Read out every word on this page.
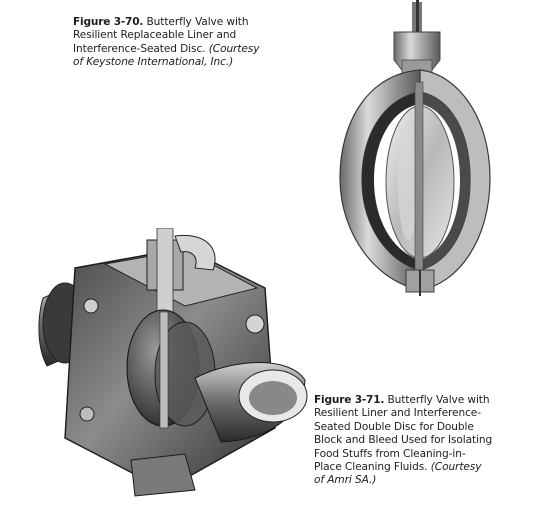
Figure 3-70. Butterfly Valve with
Resilient Replaceable Liner and
Interference-Seated Disc. (Courtesy
of Keystone International, Inc.)
Figure 3-71. Butterfly Valve with
Resilient Liner and Interference-
Seated Double Disc for Double
Block and Bleed Used for Isolating
Food Stuffs from Cleaning-in-
Place Cleaning Fluids. (Courtesy
of Amri SA.)
